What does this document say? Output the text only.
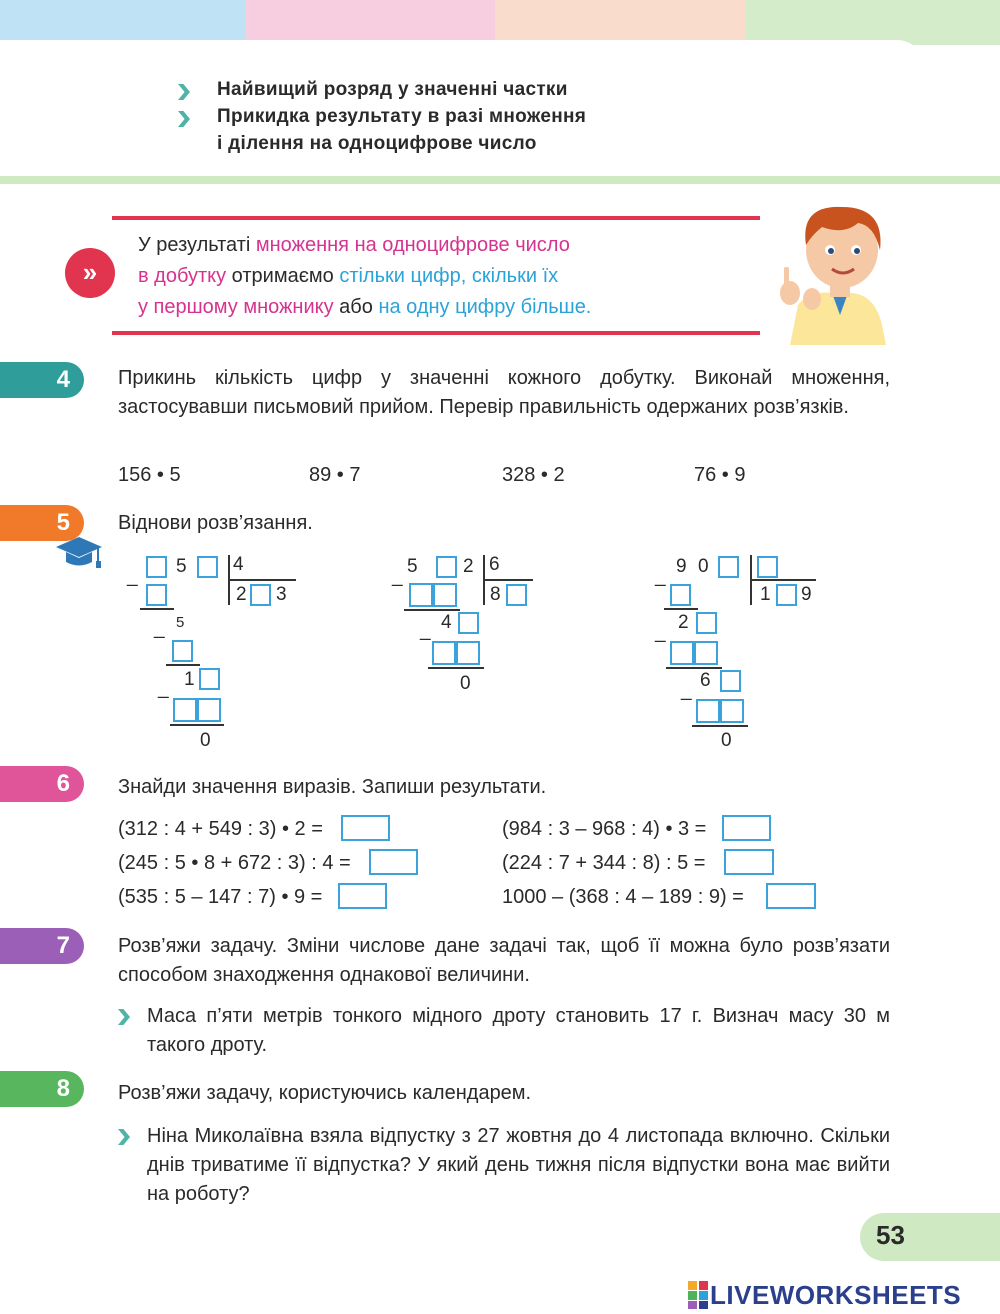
Найвищий розряд у значенні частки
Прикидка результату в разі множення
і ділення на одноцифрове число
»
У результаті множення на одноцифрове число
в добутку отримаємо стільки цифр, скільки їх
у першому множнику або на одну цифру більше.
4	Прикинь кількість цифр у значенні кожного добутку. Виконай множення, застосувавши письмовий прийом. Перевір правильність одержаних розв’язків.
156 • 5	89 • 7	328 • 2	76 • 9
5	Віднови розв’язання.
_ 5 4
2 3
_ 5
_ 1
0
_ 5 2 6
8
_ 4
0
_ 9 0
1 9
_ 2
_ 6
0
6	Знайди значення виразів. Запиши результати.
(312 : 4 + 549 : 3) • 2 =
(245 : 5 • 8 + 672 : 3) : 4 =
(535 : 5 – 147 : 7) • 9 =
(984 : 3 – 968 : 4) • 3 =
(224 : 7 + 344 : 8) : 5 =
1000 – (368 : 4 – 189 : 9) =
7	Розв’яжи задачу. Зміни числове дане задачі так, щоб її можна було розв’язати способом знаходження однакової величини.
Маса п’яти метрів тонкого мідного дроту становить 17 г. Визнач масу 30 м такого дроту.
8	Розв’яжи задачу, користуючись календарем.
Ніна Миколаївна взяла відпустку з 27 жовтня до 4 листопада включно. Скільки днів триватиме її відпустка? У який день тижня після відпустки вона має вийти на роботу?
53
LIVEWORKSHEETS
